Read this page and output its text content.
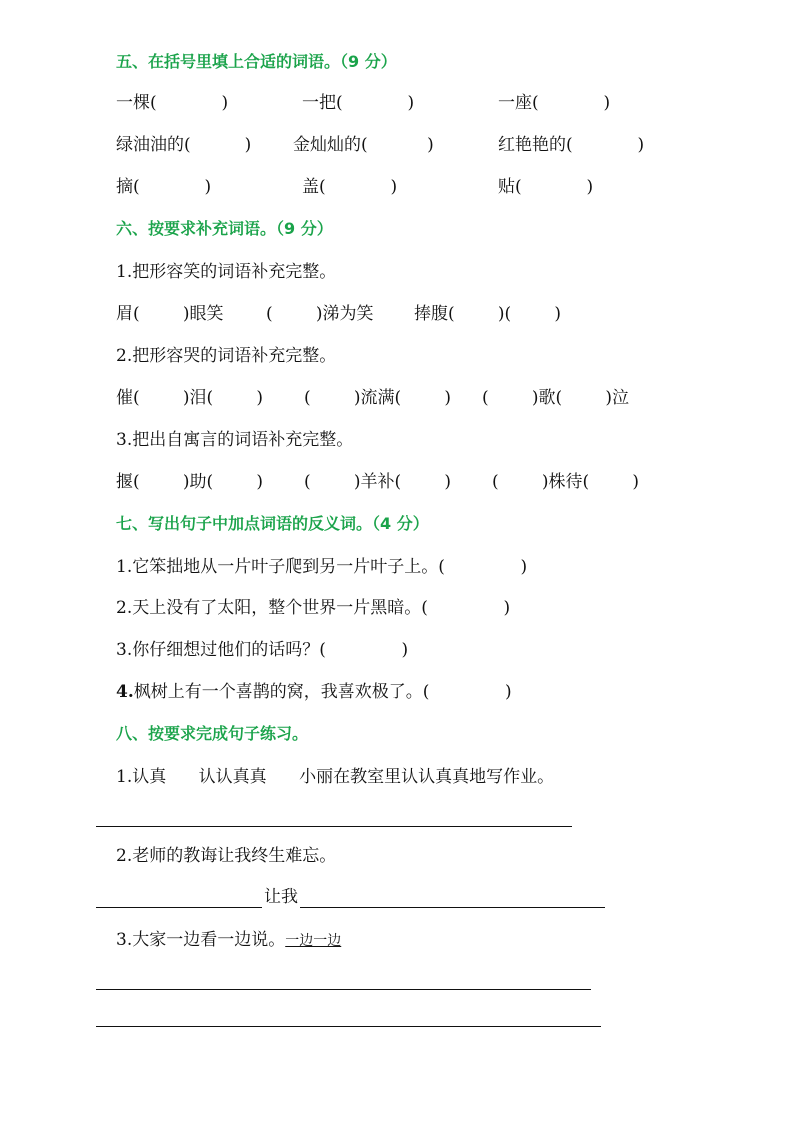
五、在括号里填上合适的词语。（9 分）
一棵(            )	一把(            )	一座(            )
绿油油的(          ) 金灿灿的(           )	红艳艳的(            )
摘(            )	盖(            )	贴(            )
六、按要求补充词语。（9 分）
1.把形容笑的词语补充完整。
眉(        )眼笑	(        )涕为笑 捧腹(        )(        )
2.把形容哭的词语补充完整。
催(        )泪(        ) (        )流满(        ) (        )歌(        )泣
3.把出自寓言的词语补充完整。
揠(        )助(        ) (        )羊补(        ) (        )株待(        )
七、写出句子中加点词语的反义词。（4 分）
1.它笨拙地从一片叶子爬到另一片叶子上。(              )
2.天上没有了太阳，整个世界一片黑暗。(              )
3.你仔细想过他们的话吗？(              )
4.枫树上有一个喜鹊的窝，我喜欢极了。(              )
八、按要求完成句子练习。
1.认真      认认真真      小丽在教室里认认真真地写作业。
2.老师的教诲让我终生难忘。
让我
3.大家一边看一边说。一边一边
